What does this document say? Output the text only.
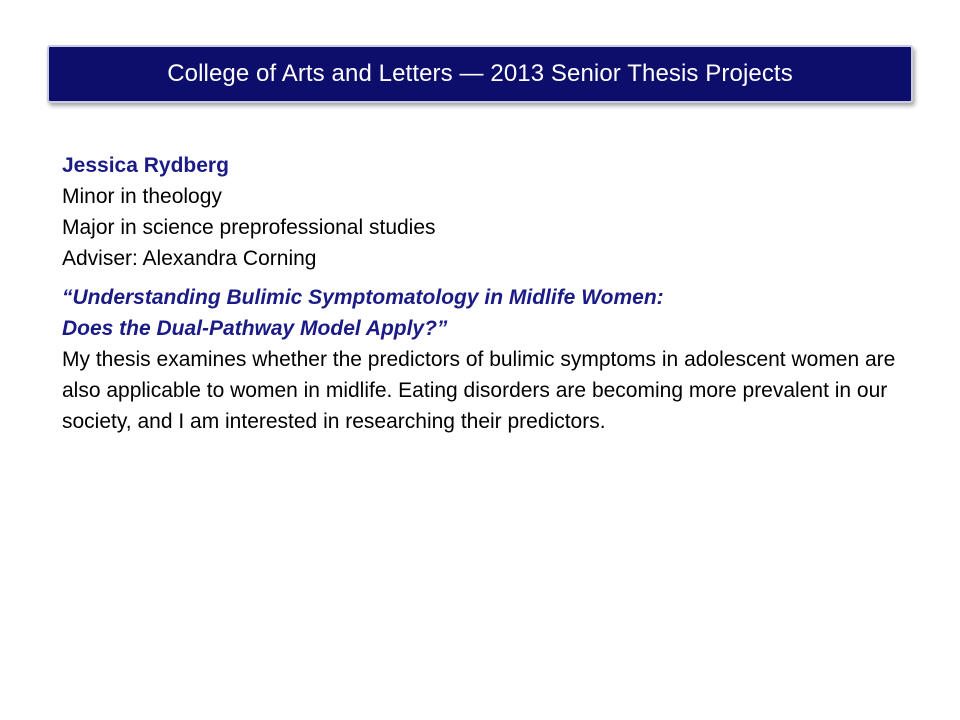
College of Arts and Letters — 2013 Senior Thesis Projects
Jessica Rydberg
Minor in theology
Major in science preprofessional studies
Adviser: Alexandra Corning
“Understanding Bulimic Symptomatology in Midlife Women:
Does the Dual-Pathway Model Apply?”
My thesis examines whether the predictors of bulimic symptoms in adolescent women are also applicable to women in midlife. Eating disorders are becoming more prevalent in our society, and I am interested in researching their predictors.
